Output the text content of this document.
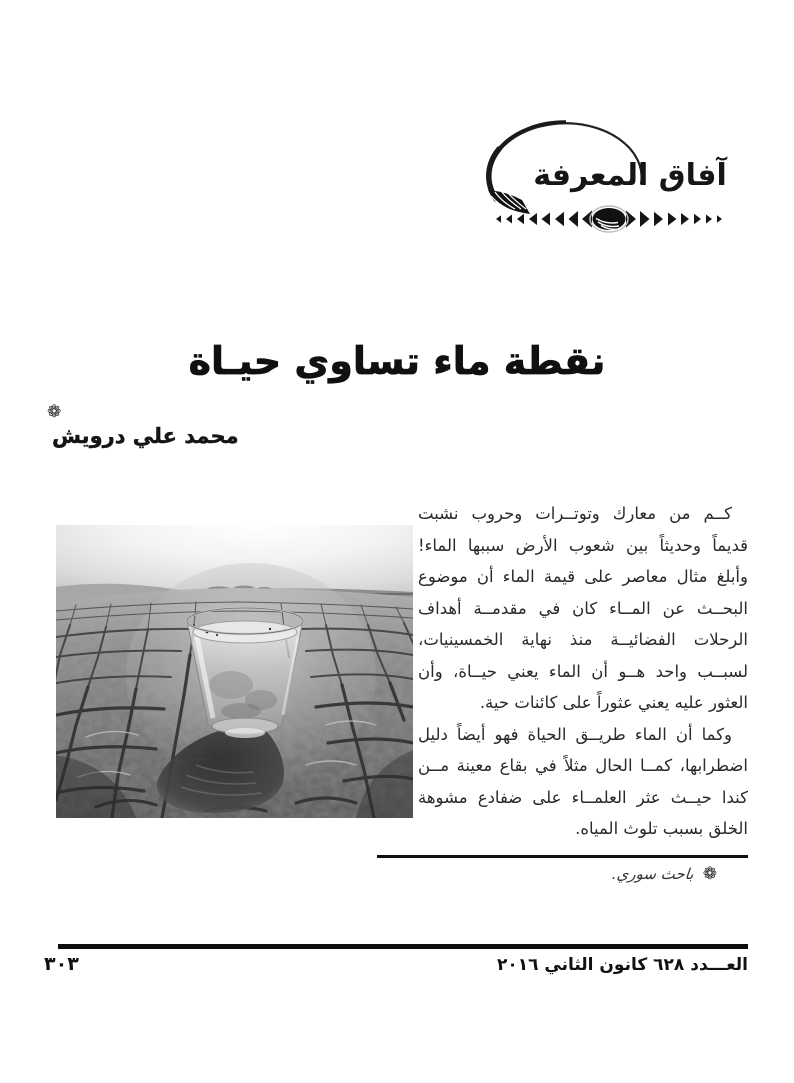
آفاق المعرفة
نقطة ماء تساوي حيـاة
❁
محمد علي درويش

كــم من معارك وتوتــرات وحروب نشبت قديماً وحديثاً بين شعوب الأرض سببها الماء! وأبلغ مثال معاصر على قيمة الماء أن موضوع البحــث عن المــاء كان في مقدمــة أهداف الرحلات الفضائيــة منذ نهاية الخمسينيات، لسبــب واحد هــو أن الماء يعني حيــاة، وأن العثور عليه يعني عثوراً على كائنات حية.

وكما أن الماء طريــق الحياة فهو أيضاً دليل اضطرابها، كمــا الحال مثلاً في بقاع معينة مــن كندا حيــث عثر العلمــاء على ضفادع مشوهة الخلق بسبب تلوث المياه.

❁
باحث سوري.
٣٠٣	العـــدد ٦٢٨ كانون الثاني ٢٠١٦
